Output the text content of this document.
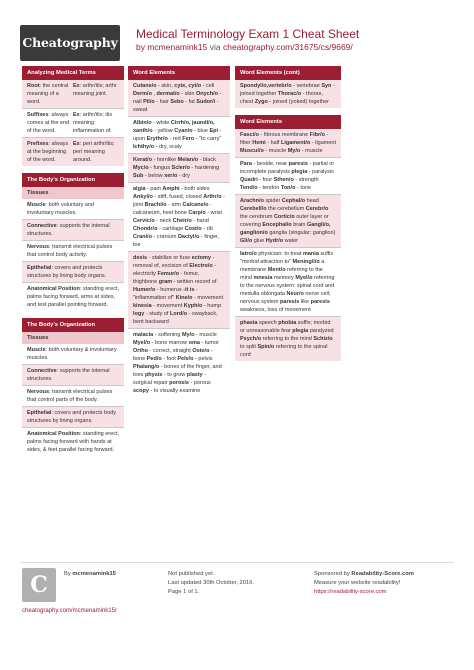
Cheatography
Medical Terminology Exam 1 Cheat Sheet
by mcmenamink15 via cheatography.com/31675/cs/9669/
Analyzing Medical Terms
Root: the central meaning of a word.
Ex: arthr/itis; arthr meaning joint.
Suffixes: always comes at the end of the word.
Ex: arthr/itis; itis meaning inflammation of.
Prefixes: always at the beginning of the word.
Ex: peri arthr/itis; peri meaning around.
The Body's Organization
Tissues
Muscle: both voluntary and involuntary muscles.
Connective: supports the internal structures.
Nervous: transmit electrical pulses that control body activity.
Epithelial: covers and protects structures by lining body organs.
Anatomical Position: standing erect, palms facing forward, arms at sides, and test parallel pointing forward.
The Body's Organization
Tissues
Muscle: both voluntary & involuntary muscles.
Connective: supports the internal structures.
Nervous: transmit electrical pulses that control parts of the body.
Epithelial: covers and protects body structures by lining organs.
Anatomical Position: standing erect, palms facing forward with hands at sides, & feet parallel facing forward.
Word Elements
Cutane/o - skin, cyte, cyt/o - cell Derm/o , dermat/o - skin Onych/o - nail Pil/o - hair Sebo - fat Sudor/i - sweat
Albin/o - white Cirrh/o, jaundi/o, xanth/o - yellow Cyan/o - blue Epi - upon Erythr/o - red Fero - "to carry" Ichthy/o - dry, scaly
Kerat/o - hornlike Melan/o - black Myc/o - fungus Scler/o - hardening Sub - below xer/o - dry
algia - pain Amphi - both sides Ankyl/o - stiff, fused, closed Arthr/o - joint Brachi/o - arm Calcane/o - calcaneum, heel bone Carp/o - wrist Cervic/o - neck Cheir/o - hand Chondr/o - cartilage Cost/o - rib Crani/o - cranium Dactyl/o - finger, toe
desis - stabilize or fuse ectomy - removal of, excision of Electro/o - electricity Femur/o - femur, thighbone gram - written record of Humer/o - humerus -it is - "inflammation of" Kine/o - movement kinesia - movement Kyph/o - hump logy - study of Lord/o - swayback, bent backward
malacia - softening My/o - muscle Myel/o - bone marrow oma - tumor Ortho - correct, straight Oste/o - bone Ped/o - foot Pelv/o - pelvis Phalang/o - bones of the finger, and toes physis - to grow plasty - surgical repair porosis - porous scopy - to visually examine
Word Elements (cont)
Spondyl/o,vertebr/o - vertebrae Syn - joined together Thorac/o - thorax, chest Zygo - joined (yoked) together
Word Elements
Fasci/o - fibrous membrane Fibr/o - fiber Hemi - half Ligament/o - ligament Muscul/o - muscle My/o - muscle
Para - beside, near paresis - partial or incomplete paralysis plegia - paralysis Quadri - four Sthen/o - strength Tend/o - tendon Ton/o - tone
Arachn/o spider Cephal/o head Cerebell/o the cerebellum Cerebr/o the cerebrum Cortic/o outer layer or covering Encephal/o brain Gangli/o, ganglion/o ganglia (singular: ganglion) Gli/o glue Hydr/o water
Iatro/o physician: to treat mania suffix "morbid attraction to" Mening/i/o a membrane Ment/o referring to the mind mnesia memory Myel/o referring to the nervous system: spinal cord and medulla oblongata Neur/o nerve cell; nervous system paresis like paresis weakness, loss of movement
phasia speech phobia suffix; morbid or unreasonable fear plegia paralyzed Psych/o referring to the mind Schiz/o to split Spin/o referring to the spinal cord
C	By mcmenamink15	Not published yet.
Last updated 30th October, 2016.
Page 1 of 1.
Sponsored by Readability-Score.com
Measure your website readability!
https://readability-score.com
cheatography.com/mcmenamink15/
